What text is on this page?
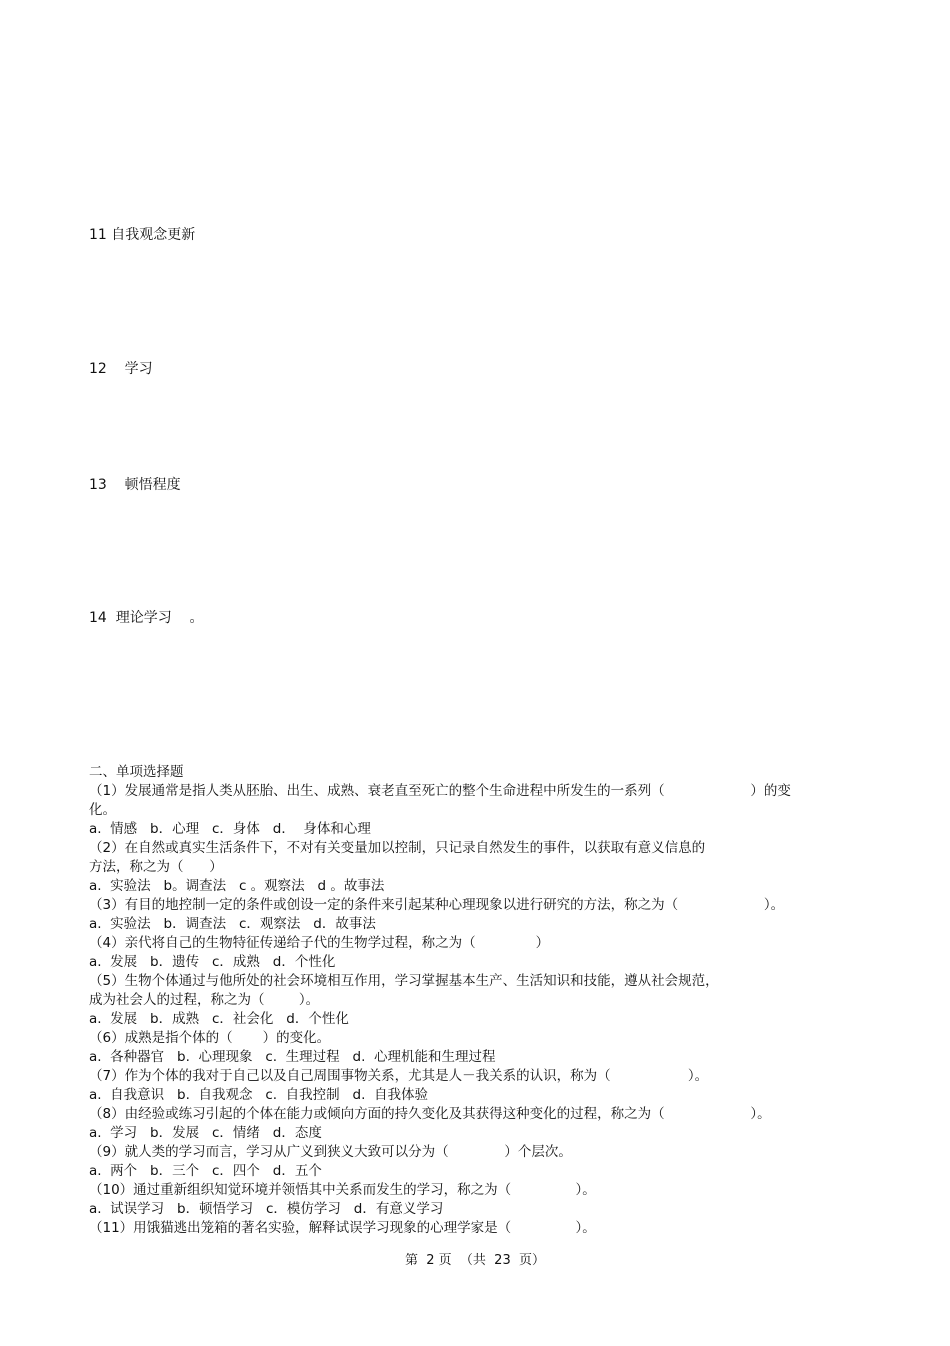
11 自我观念更新
12    学习
13    顿悟程度
14  理论学习    。
二、单项选择题
（1）发展通常是指人类从胚胎、出生、成熟、衰老直至死亡的整个生命进程中所发生的一系列（                    ）的变
化。
a.  情感   b．心理   c．身体   d．  身体和心理
（2）在自然或真实生活条件下，不对有关变量加以控制，只记录自然发生的事件，以获取有意义信息的
方法，称之为（      ）
a.  实验法   b。调查法   c 。观察法   d 。故事法
（3）有目的地控制一定的条件或创设一定的条件来引起某种心理现象以进行研究的方法，称之为（                    ）。
a.  实验法   b．调查法   c．观察法   d．故事法
（4）亲代将自己的生物特征传递给子代的生物学过程，称之为（              ）
a.  发展   b．遗传   c．成熟   d．个性化
（5）生物个体通过与他所处的社会环境相互作用，学习掌握基本生产、生活知识和技能，遵从社会规范，
成为社会人的过程，称之为（        ）。
a.  发展   b．成熟   c．社会化   d．个性化
（6）成熟是指个体的（       ）的变化。
a.  各种器官   b.  心理现象   c.  生理过程   d.  心理机能和生理过程
（7）作为个体的我对于自己以及自己周围事物关系，尤其是人－我关系的认识，称为（                  ）。
a.  自我意识   b.  自我观念   c.  自我控制   d.  自我体验
（8）由经验或练习引起的个体在能力或倾向方面的持久变化及其获得这种变化的过程，称之为（                    ）。
a.  学习   b．发展   c．情绪   d．态度
（9）就人类的学习而言，学习从广义到狭义大致可以分为（             ）个层次。
a.  两个   b．三个   c．四个   d．五个
（10）通过重新组织知觉环境并领悟其中关系而发生的学习，称之为（               ）。
a.  试误学习   b．顿悟学习   c．模仿学习   d．有意义学习
（11）用饿猫逃出笼箱的著名实验，解释试误学习现象的心理学家是（               ）。
第  2 页  （共  23  页）
